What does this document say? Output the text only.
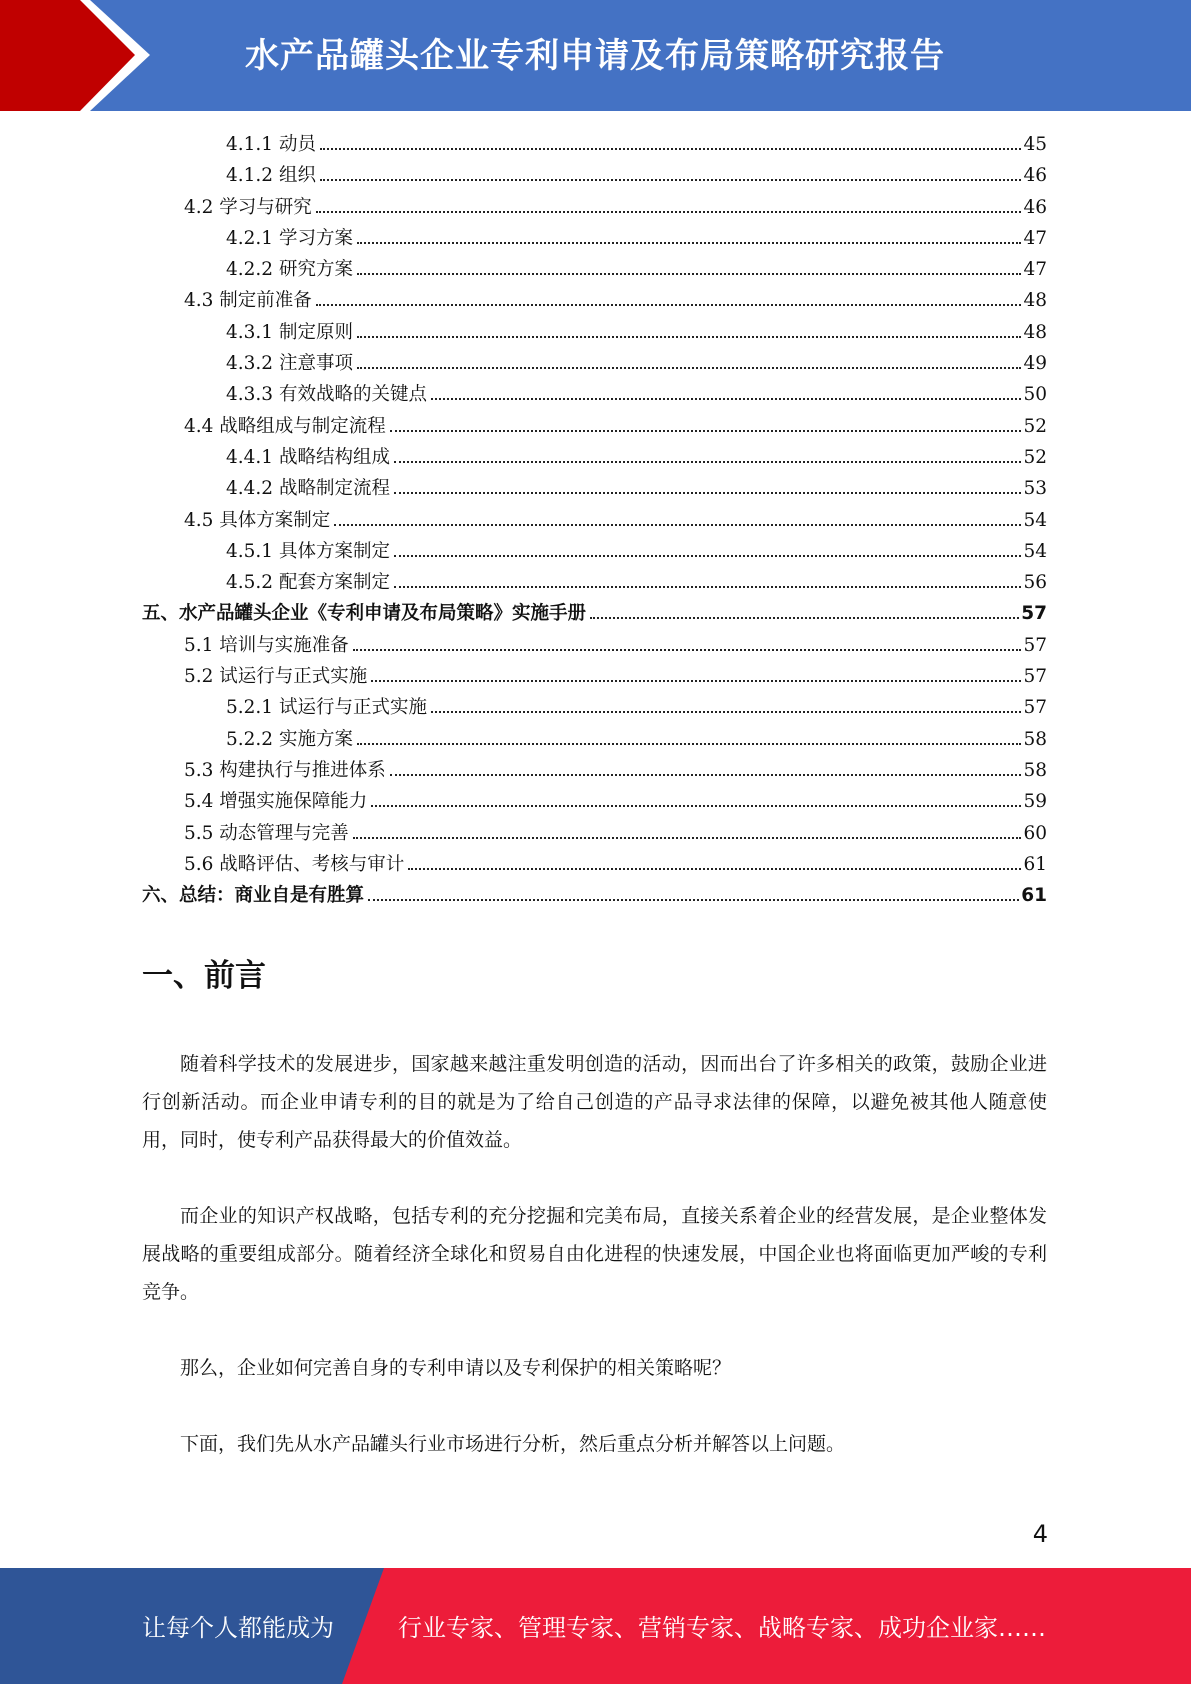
水产品罐头企业专利申请及布局策略研究报告
4.1.1 动员	45
4.1.2 组织	46
4.2 学习与研究	46
4.2.1 学习方案	47
4.2.2 研究方案	47
4.3 制定前准备	48
4.3.1 制定原则	48
4.3.2 注意事项	49
4.3.3 有效战略的关键点	50
4.4 战略组成与制定流程	52
4.4.1 战略结构组成	52
4.4.2 战略制定流程	53
4.5 具体方案制定	54
4.5.1 具体方案制定	54
4.5.2 配套方案制定	56
五、水产品罐头企业《专利申请及布局策略》实施手册	57
5.1 培训与实施准备	57
5.2 试运行与正式实施	57
5.2.1 试运行与正式实施	57
5.2.2 实施方案	58
5.3 构建执行与推进体系	58
5.4 增强实施保障能力	59
5.5 动态管理与完善	60
5.6 战略评估、考核与审计	61
六、总结：商业自是有胜算	61
一、前言

随着科学技术的发展进步，国家越来越注重发明创造的活动，因而出台了许多相关的政策，鼓励企业进行创新活动。而企业申请专利的目的就是为了给自己创造的产品寻求法律的保障，以避免被其他人随意使用，同时，使专利产品获得最大的价值效益。

而企业的知识产权战略，包括专利的充分挖掘和完美布局，直接关系着企业的经营发展，是企业整体发展战略的重要组成部分。随着经济全球化和贸易自由化进程的快速发展，中国企业也将面临更加严峻的专利竞争。

那么，企业如何完善自身的专利申请以及专利保护的相关策略呢？

下面，我们先从水产品罐头行业市场进行分析，然后重点分析并解答以上问题。

4
让每个人都能成为	行业专家、管理专家、营销专家、战略专家、成功企业家……
